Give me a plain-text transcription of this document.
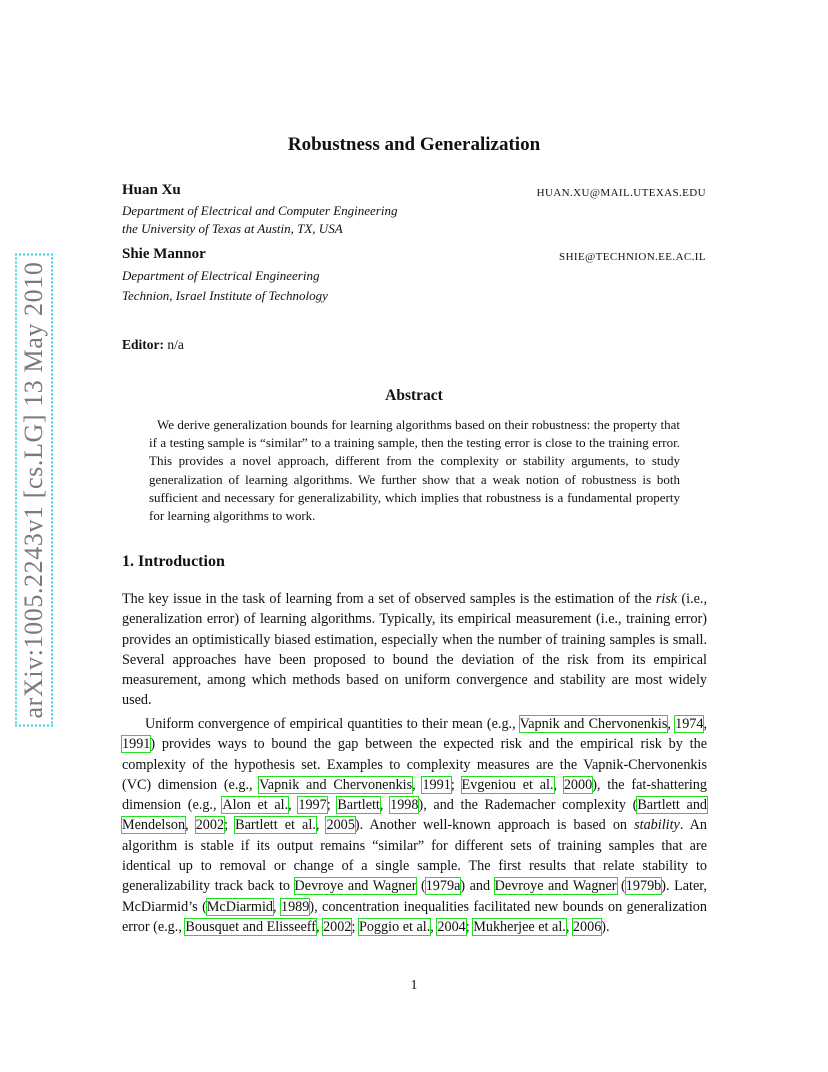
arXiv:1005.2243v1 [cs.LG] 13 May 2010
Robustness and Generalization
Huan Xu	HUAN.XU@MAIL.UTEXAS.EDU
Department of Electrical and Computer Engineering
the University of Texas at Austin, TX, USA
Shie Mannor	SHIE@TECHNION.EE.AC.IL
Department of Electrical Engineering
Technion, Israel Institute of Technology
Editor: n/a
Abstract
We derive generalization bounds for learning algorithms based on their robustness: the property that if a testing sample is “similar” to a training sample, then the testing error is close to the training error. This provides a novel approach, different from the complexity or stability arguments, to study generalization of learning algorithms. We further show that a weak notion of robustness is both sufficient and necessary for generalizability, which implies that robustness is a fundamental property for learning algorithms to work.
1. Introduction
The key issue in the task of learning from a set of observed samples is the estimation of the risk (i.e., generalization error) of learning algorithms. Typically, its empirical measurement (i.e., training error) provides an optimistically biased estimation, especially when the number of training samples is small. Several approaches have been proposed to bound the deviation of the risk from its empirical measurement, among which methods based on uniform convergence and stability are most widely used.
Uniform convergence of empirical quantities to their mean (e.g., Vapnik and Chervonenkis, 1974, 1991) provides ways to bound the gap between the expected risk and the empirical risk by the complexity of the hypothesis set. Examples to complexity measures are the Vapnik-Chervonenkis (VC) dimension (e.g., Vapnik and Chervonenkis, 1991; Evgeniou et al., 2000), the fat-shattering dimension (e.g., Alon et al., 1997; Bartlett, 1998), and the Rademacher complexity (Bartlett and Mendelson, 2002; Bartlett et al., 2005). Another well-known approach is based on stability. An algorithm is stable if its output remains “similar” for different sets of training samples that are identical up to removal or change of a single sample. The first results that relate stability to generalizability track back to Devroye and Wagner (1979a) and Devroye and Wagner (1979b). Later, McDiarmid’s (McDiarmid, 1989), concentration inequalities facilitated new bounds on generalization error (e.g., Bousquet and Elisseeff, 2002; Poggio et al., 2004; Mukherjee et al., 2006).
1
